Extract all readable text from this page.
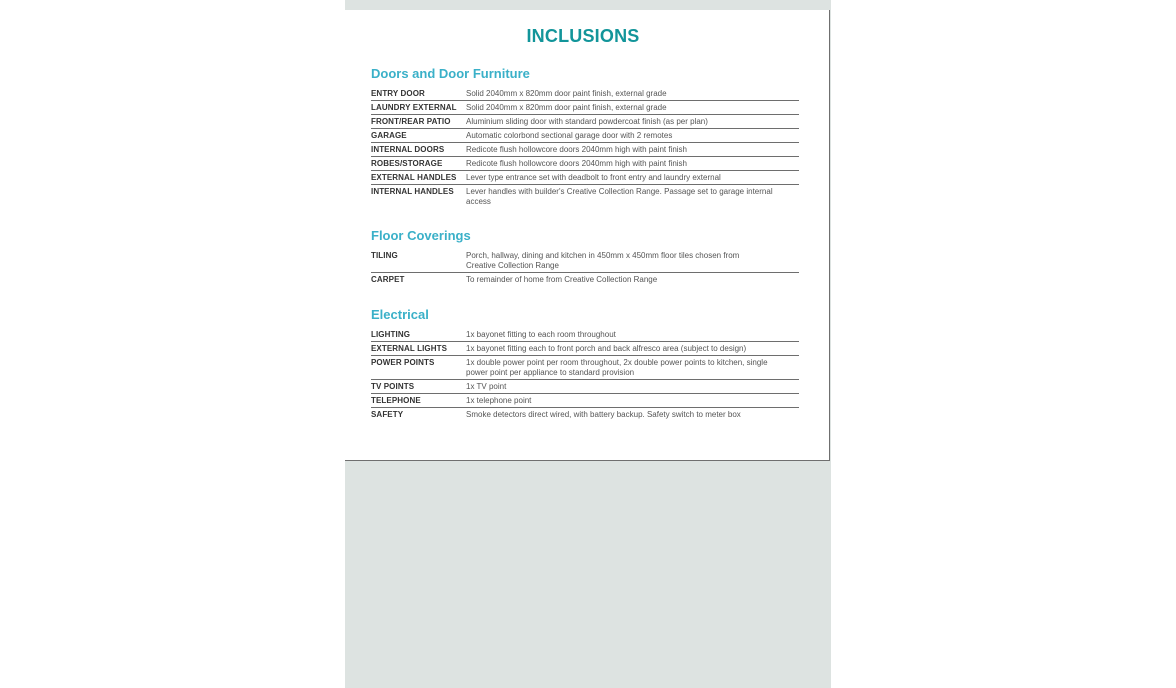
INCLUSIONS
Doors and Door Furniture
ENTRY DOOR	Solid 2040mm x 820mm door paint finish, external grade
LAUNDRY EXTERNAL	Solid 2040mm x 820mm door paint finish, external grade
FRONT/REAR PATIO	Aluminium sliding door with standard powdercoat finish (as per plan)
GARAGE	Automatic colorbond sectional garage door with 2 remotes
INTERNAL DOORS	Redicote flush hollowcore doors 2040mm high with paint finish
ROBES/STORAGE	Redicote flush hollowcore doors 2040mm high with paint finish
EXTERNAL HANDLES	Lever type entrance set with deadbolt to front entry and laundry external
INTERNAL HANDLES	Lever handles with builder's Creative Collection Range. Passage set to garage internal access
Floor Coverings
TILING	Porch, hallway, dining and kitchen in 450mm x 450mm floor tiles chosen from Creative Collection Range
CARPET	To remainder of home from Creative Collection Range
Electrical
LIGHTING	1x bayonet fitting to each room throughout
EXTERNAL LIGHTS	1x bayonet fitting each to front porch and back alfresco area (subject to design)
POWER POINTS	1x double power point per room throughout, 2x double power points to kitchen, single power point per appliance to standard provision
TV POINTS	1x TV point
TELEPHONE	1x telephone point
SAFETY	Smoke detectors direct wired, with battery backup. Safety switch to meter box
